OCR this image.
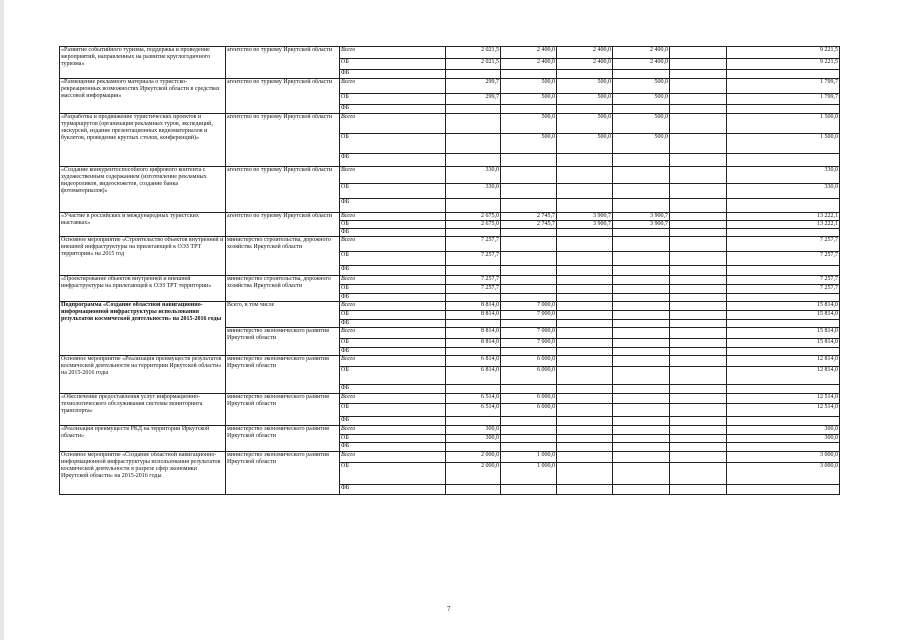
«Развитие событийного туризма, поддержка и проведение мероприятий, направленных на развитие круглогодичного туризма»	агентство по туризму Иркутской области	Всего	2 021,5	2 400,0	2 400,0	2 400,0		9 221,5
		ОБ	2 021,5	2 400,0	2 400,0	2 400,0		9 221,5
		ФБ						
«Размещение рекламного материала о туристско-рекреационных возможностях Иркутской области в средствах массовой информации»	агентство по туризму Иркутской области	Всего	299,7	500,0	500,0	500,0		1 799,7
		ОБ	299,7	500,0	500,0	500,0		1 799,7
		ФБ						
«Разработка и продвижение туристических проектов и турмаршрутов (организация рекламных туров, экспедиций, экскурсий, издание презентационных видеоматериалов и буклетов, проведение круглых столов, конференций)»	агентство по туризму Иркутской области	Всего		500,0	500,0	500,0		1 500,0
		ОБ		500,0	500,0	500,0		1 500,0
		ФБ						
«Создание конкурентоспособного цифрового контента с художественным содержанием (изготовление рекламных видеороликов, видеосюжетов, создание банка фотоматериалов)»	агентство по туризму Иркутской области	Всего	330,0					330,0
		ОБ	330,0					330,0
		ФБ						
«Участие в российских и международных туристских выставках»	агентство по туризму Иркутской области	Всего	2 675,0	2 745,7	3 900,7	3 900,7		13 222,1
		ОБ	2 675,0	2 745,7	3 900,7	3 900,7		13 222,1
		ФБ						
Основное мероприятие «Строительство объектов внутренней и внешней инфраструктуры на прилегающей к ОЭЗ ТРТ территории» на 2015 год	министерство строительства, дорожного хозяйства Иркутской области	Всего	7 257,7					7 257,7
		ОБ	7 257,7					7 257,7
		ФБ						
«Проектирование объектов внутренней и внешней инфраструктуры на прилегающей к ОЭЗ ТРТ территории»	министерство строительства, дорожного хозяйства Иркутской области	Всего	7 257,7					7 257,7
		ОБ	7 257,7					7 257,7
		ФБ						
Подпрограмма «Создание областной навигационно-информационной инфраструктуры использования результатов космической деятельности» на 2015-2016 годы	Всего, в том числе	Всего	8 814,0	7 000,0				15 814,0
		ОБ	8 814,0	7 000,0				15 814,0
		ФБ						
	министерство экономического развития Иркутской области	Всего	8 814,0	7 000,0				15 814,0
		ОБ	8 814,0	7 000,0				15 814,0
		ФБ						
Основное мероприятие «Реализация преимуществ результатов космической деятельности на территории Иркутской области» на 2015-2016 годы	министерство экономического развития Иркутской области	Всего	6 814,0	6 000,0				12 814,0
		ОБ	6 814,0	6 000,0				12 814,0
		ФБ						
«Обеспечение предоставления услуг информационно-технологического обслуживания системы мониторинга транспорта»	министерство экономического развития Иркутской области	Всего	6 514,0	6 000,0				12 514,0
		ОБ	6 514,0	6 000,0				12 514,0
		ФБ						
«Реализация преимуществ РКД на территории Иркутской области»	министерство экономического развития Иркутской области	Всего	300,0					300,0
		ОБ	300,0					300,0
		ФБ						
Основное мероприятие «Создание областной навигационно-информационной инфраструктуры использования результатов космической деятельности в разрезе сфер экономики Иркутской области» на 2015-2016 годы	министерство экономического развития Иркутской области	Всего	2 000,0	1 000,0				3 000,0
		ОБ	2 000,0	1 000,0				3 000,0
		ФБ						
7
